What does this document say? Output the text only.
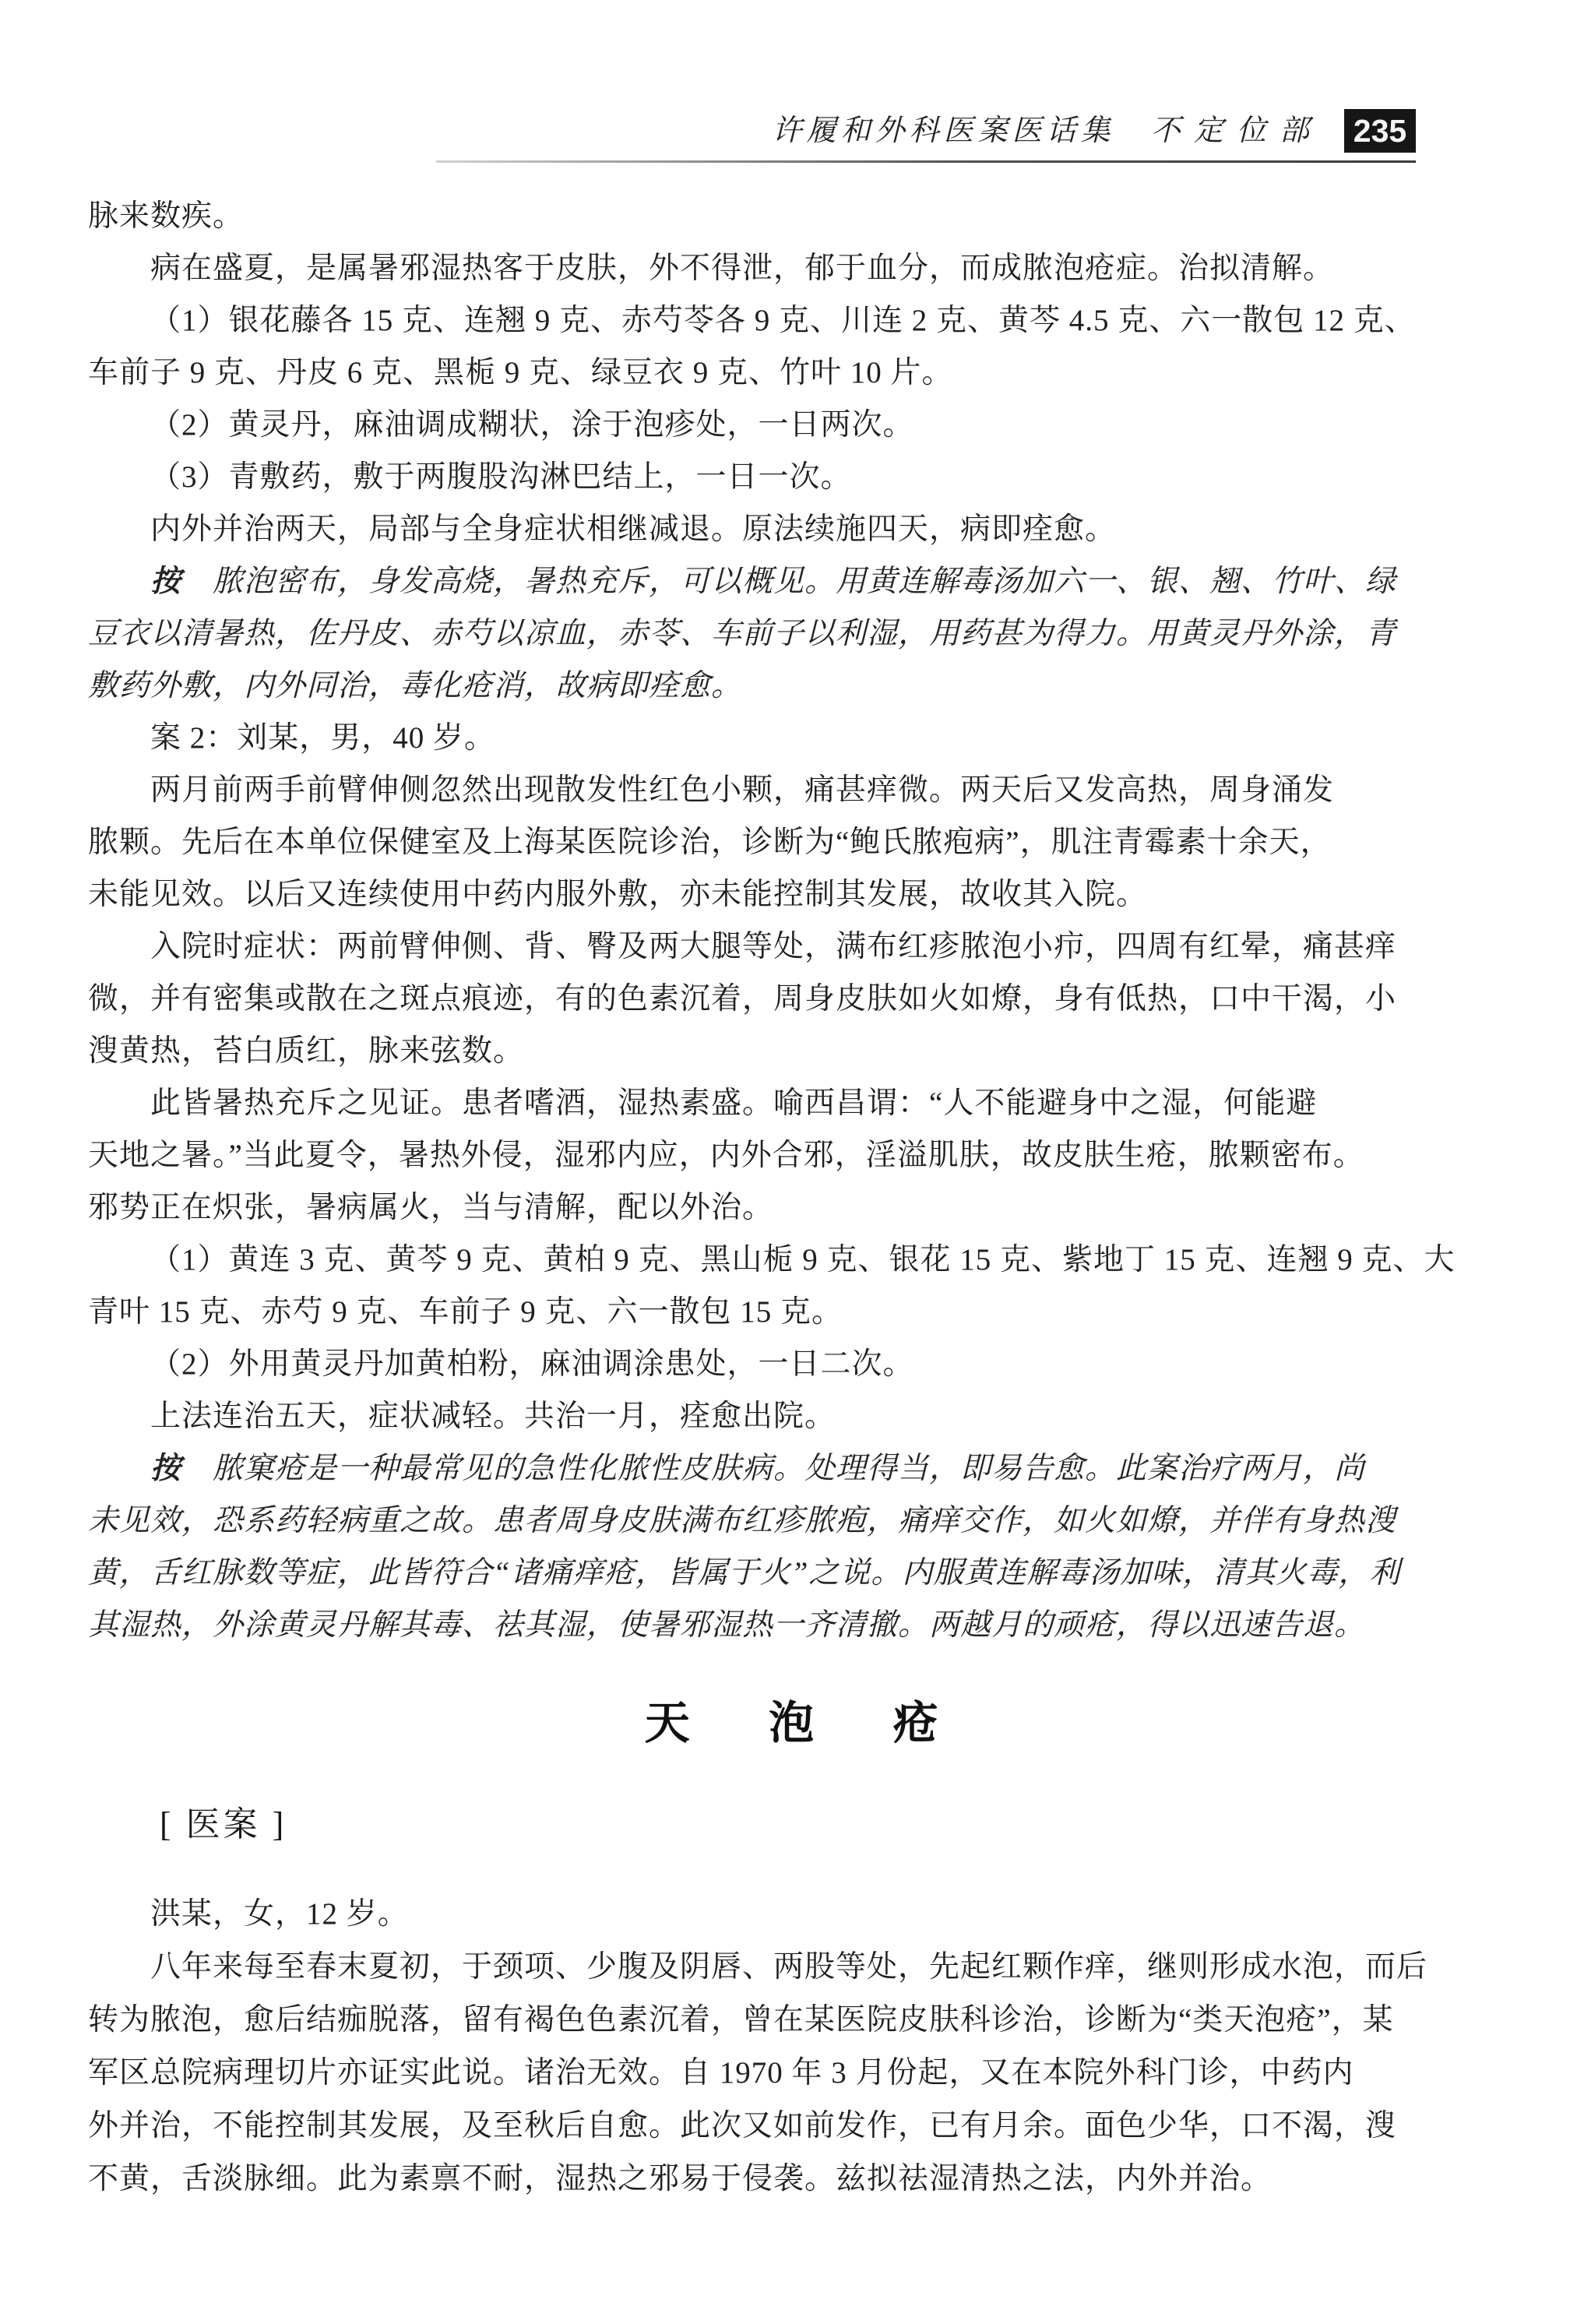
许履和外科医案医话集 不定位部 235
脉来数疾。
病在盛夏，是属暑邪湿热客于皮肤，外不得泄，郁于血分，而成脓泡疮症。治拟清解。
（1）银花藤各 15 克、连翘 9 克、赤芍苓各 9 克、川连 2 克、黄芩 4.5 克、六一散包 12 克、
车前子 9 克、丹皮 6 克、黑栀 9 克、绿豆衣 9 克、竹叶 10 片。
（2）黄灵丹，麻油调成糊状，涂于泡疹处，一日两次。
（3）青敷药，敷于两腹股沟淋巴结上，一日一次。
内外并治两天，局部与全身症状相继减退。原法续施四天，病即痊愈。
按　脓泡密布，身发高烧，暑热充斥，可以概见。用黄连解毒汤加六一、银、翘、竹叶、绿
豆衣以清暑热，佐丹皮、赤芍以凉血，赤苓、车前子以利湿，用药甚为得力。用黄灵丹外涂，青
敷药外敷，内外同治，毒化疮消，故病即痊愈。
案 2：刘某，男，40 岁。
两月前两手前臂伸侧忽然出现散发性红色小颗，痛甚痒微。两天后又发高热，周身涌发
脓颗。先后在本单位保健室及上海某医院诊治，诊断为“鲍氏脓疱病”，肌注青霉素十余天，
未能见效。以后又连续使用中药内服外敷，亦未能控制其发展，故收其入院。
入院时症状：两前臂伸侧、背、臀及两大腿等处，满布红疹脓泡小疖，四周有红晕，痛甚痒
微，并有密集或散在之斑点痕迹，有的色素沉着，周身皮肤如火如燎，身有低热，口中干渴，小
溲黄热，苔白质红，脉来弦数。
此皆暑热充斥之见证。患者嗜酒，湿热素盛。喻西昌谓：“人不能避身中之湿，何能避
天地之暑。”当此夏令，暑热外侵，湿邪内应，内外合邪，淫溢肌肤，故皮肤生疮，脓颗密布。
邪势正在炽张，暑病属火，当与清解，配以外治。
（1）黄连 3 克、黄芩 9 克、黄柏 9 克、黑山栀 9 克、银花 15 克、紫地丁 15 克、连翘 9 克、大
青叶 15 克、赤芍 9 克、车前子 9 克、六一散包 15 克。
（2）外用黄灵丹加黄柏粉，麻油调涂患处，一日二次。
上法连治五天，症状减轻。共治一月，痊愈出院。
按　脓窠疮是一种最常见的急性化脓性皮肤病。处理得当，即易告愈。此案治疗两月，尚
未见效，恐系药轻病重之故。患者周身皮肤满布红疹脓疱，痛痒交作，如火如燎，并伴有身热溲
黄，舌红脉数等症，此皆符合“诸痛痒疮，皆属于火”之说。内服黄连解毒汤加味，清其火毒，利
其湿热，外涂黄灵丹解其毒、祛其湿，使暑邪湿热一齐清撤。两越月的顽疮，得以迅速告退。
天泡疮
[ 医案 ]
洪某，女，12 岁。
八年来每至春末夏初，于颈项、少腹及阴唇、两股等处，先起红颗作痒，继则形成水泡，而后
转为脓泡，愈后结痂脱落，留有褐色色素沉着，曾在某医院皮肤科诊治，诊断为“类天泡疮”，某
军区总院病理切片亦证实此说。诸治无效。自 1970 年 3 月份起，又在本院外科门诊，中药内
外并治，不能控制其发展，及至秋后自愈。此次又如前发作，已有月余。面色少华，口不渴，溲
不黄，舌淡脉细。此为素禀不耐，湿热之邪易于侵袭。兹拟祛湿清热之法，内外并治。
